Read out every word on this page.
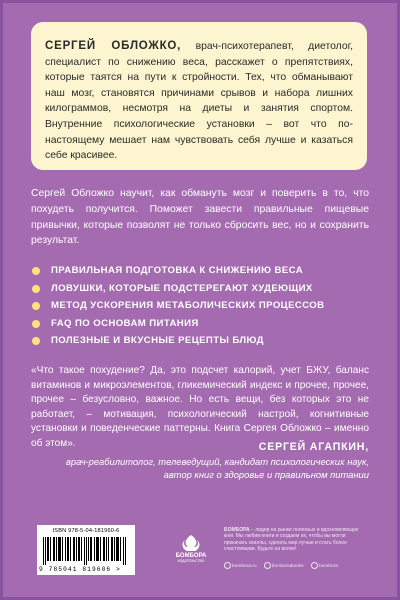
СЕРГЕЙ ОБЛОЖКО, врач-психотерапевт, диетолог, специалист по снижению веса, расскажет о препятствиях, которые таятся на пути к стройности. Тех, что обманывают наш мозг, становятся причинами срывов и набора лишних килограммов, несмотря на диеты и занятия спортом. Внутренние психологические установки – вот что по-настоящему мешает нам чувствовать себя лучше и казаться себе красивее.
Сергей Обложко научит, как обмануть мозг и поверить в то, что похудеть получится. Поможет завести правильные пищевые привычки, которые позволят не только сбросить вес, но и сохранить результат.
ПРАВИЛЬНАЯ ПОДГОТОВКА К СНИЖЕНИЮ ВЕСА
ЛОВУШКИ, КОТОРЫЕ ПОДСТЕРЕГАЮТ ХУДЕЮЩИХ
МЕТОД УСКОРЕНИЯ МЕТАБОЛИЧЕСКИХ ПРОЦЕССОВ
FAQ ПО ОСНОВАМ ПИТАНИЯ
ПОЛЕЗНЫЕ И ВКУСНЫЕ РЕЦЕПТЫ БЛЮД
«Что такое похудение? Да, это подсчет калорий, учет БЖУ, баланс витаминов и микроэлементов, гликемический индекс и прочее, прочее, прочее – безусловно, важное. Но есть вещи, без которых это не работает, – мотивация, психологический настрой, когнитивные установки и поведенческие паттерны. Книга Сергея Обложко – именно об этом».	СЕРГЕЙ АГАПКИН,
врач-реабилитолог, телеведущий, кандидат психологических наук,
автор книг о здоровье и правильном питании
ISBN 978-5-04-181960-6
9 785041 819606 >
БОМБОРА
ИЗДАТЕЛЬСТВО
БОМБОРА – лидер на рынке полезных и вдохновляющих книг. Мы любим книги и создаем их, чтобы вы могли прокачать скиллы, сделать мир лучше и стать более счастливыми. Будьте на волне!
bombora.ru	bomborabooks	bombora
